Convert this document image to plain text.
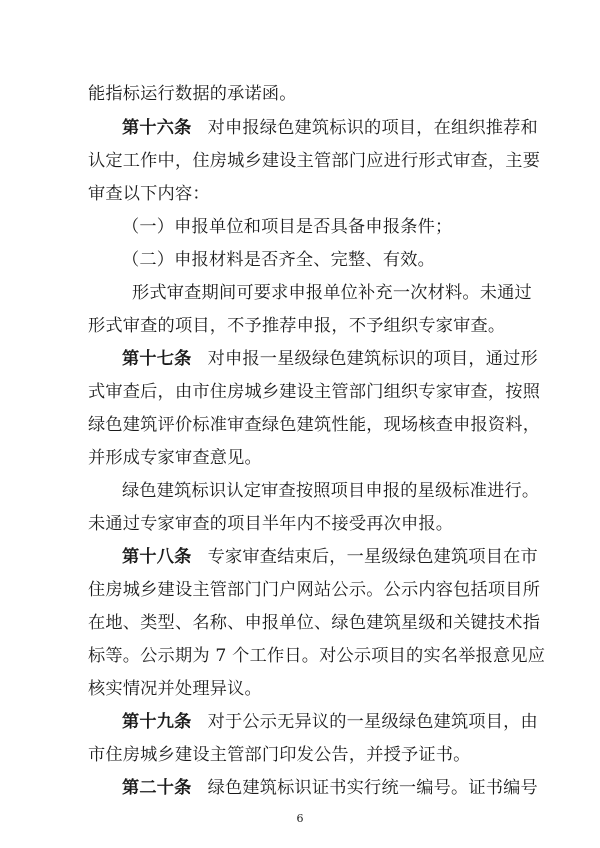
能指标运行数据的承诺函。
第十六条 对申报绿色建筑标识的项目，在组织推荐和
认定工作中，住房城乡建设主管部门应进行形式审查，主要
审查以下内容：
（一）申报单位和项目是否具备申报条件；
（二）申报材料是否齐全、完整、有效。
形式审查期间可要求申报单位补充一次材料。未通过
形式审查的项目，不予推荐申报，不予组织专家审查。
第十七条 对申报一星级绿色建筑标识的项目，通过形
式审查后，由市住房城乡建设主管部门组织专家审查，按照
绿色建筑评价标准审查绿色建筑性能，现场核查申报资料，
并形成专家审查意见。
绿色建筑标识认定审查按照项目申报的星级标准进行。
未通过专家审查的项目半年内不接受再次申报。
第十八条 专家审查结束后，一星级绿色建筑项目在市
住房城乡建设主管部门门户网站公示。公示内容包括项目所
在地、类型、名称、申报单位、绿色建筑星级和关键技术指
标等。公示期为 7 个工作日。对公示项目的实名举报意见应
核实情况并处理异议。
第十九条 对于公示无异议的一星级绿色建筑项目，由
市住房城乡建设主管部门印发公告，并授予证书。
第二十条 绿色建筑标识证书实行统一编号。证书编号
6
